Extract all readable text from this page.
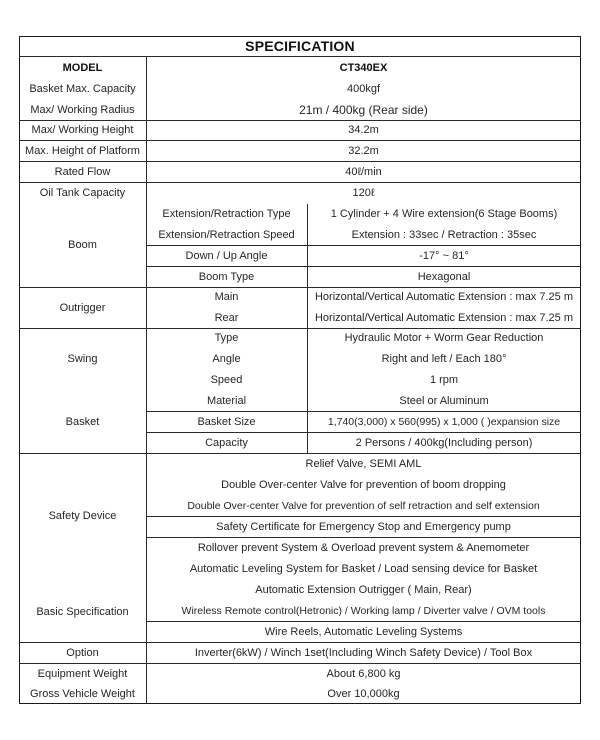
SPECIFICATION
MODEL	CT340EX
Basket Max. Capacity	400kgf
Max/ Working Radius	21m / 400kg (Rear side)
Max/ Working Height	34.2m
Max. Height of Platform	32.2m
Rated Flow	40ℓ/min
Oil Tank Capacity	120ℓ
Boom
Extension/Retraction Type	1 Cylinder + 4 Wire extension(6 Stage Booms)
Extension/Retraction Speed	Extension : 33sec / Retraction : 35sec
Down / Up Angle	-17° ~ 81°
Boom Type	Hexagonal
Outrigger
Main	Horizontal/Vertical Automatic Extension : max 7.25 m
Rear	Horizontal/Vertical Automatic Extension : max 7.25 m
Swing
Type	Hydraulic Motor + Worm Gear Reduction
Angle	Right and left / Each 180°
Speed	1 rpm
Basket
Material	Steel or Aluminum
Basket Size	1,740(3,000) x 560(995) x 1,000 ( )expansion size
Capacity	2 Persons / 400kg(Including person)
Safety Device
Relief Valve, SEMI AML
Double Over-center Valve for prevention of boom dropping
Double Over-center Valve for prevention of self retraction and self extension
Safety Certificate for Emergency Stop and Emergency pump
Basic Specification
Rollover prevent System & Overload prevent system & Anemometer
Automatic Leveling System for Basket / Load sensing device for Basket
Automatic Extension Outrigger ( Main, Rear)
Wireless Remote control(Hetronic) / Working lamp / Diverter valve / OVM tools
Wire Reels, Automatic Leveling Systems
Option	Inverter(6kW) / Winch 1set(Including Winch Safety Device) / Tool Box
Equipment Weight	About 6,800 kg
Gross Vehicle Weight	Over 10,000kg
